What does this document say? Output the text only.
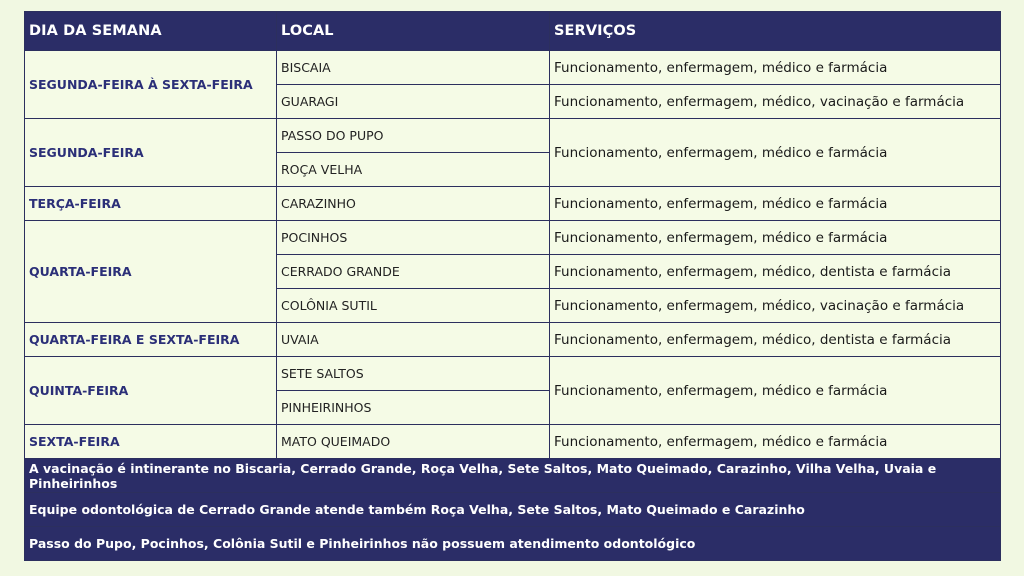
DIA DA SEMANA	LOCAL	SERVIÇOS
SEGUNDA-FEIRA À SEXTA-FEIRA	BISCAIA	Funcionamento, enfermagem, médico e farmácia
	GUARAGI	Funcionamento, enfermagem, médico, vacinação e farmácia
SEGUNDA-FEIRA	PASSO DO PUPO	Funcionamento, enfermagem, médico e farmácia
	ROÇA VELHA	
TERÇA-FEIRA	CARAZINHO	Funcionamento, enfermagem, médico e farmácia
QUARTA-FEIRA	POCINHOS	Funcionamento, enfermagem, médico e farmácia
	CERRADO GRANDE	Funcionamento, enfermagem, médico, dentista e farmácia
	COLÔNIA SUTIL	Funcionamento, enfermagem, médico, vacinação e farmácia
QUARTA-FEIRA E SEXTA-FEIRA	UVAIA	Funcionamento, enfermagem, médico, dentista e farmácia
QUINTA-FEIRA	SETE SALTOS	Funcionamento, enfermagem, médico e farmácia
	PINHEIRINHOS	
SEXTA-FEIRA	MATO QUEIMADO	Funcionamento, enfermagem, médico e farmácia
A vacinação é intinerante no Biscaria, Cerrado Grande, Roça Velha, Sete Saltos, Mato Queimado, Carazinho, Vilha Velha, Uvaia e Pinheirinhos		
Equipe odontológica de Cerrado Grande atende também Roça Velha, Sete Saltos, Mato Queimado e Carazinho		
Passo do Pupo, Pocinhos, Colônia Sutil e Pinheirinhos não possuem atendimento odontológico		
